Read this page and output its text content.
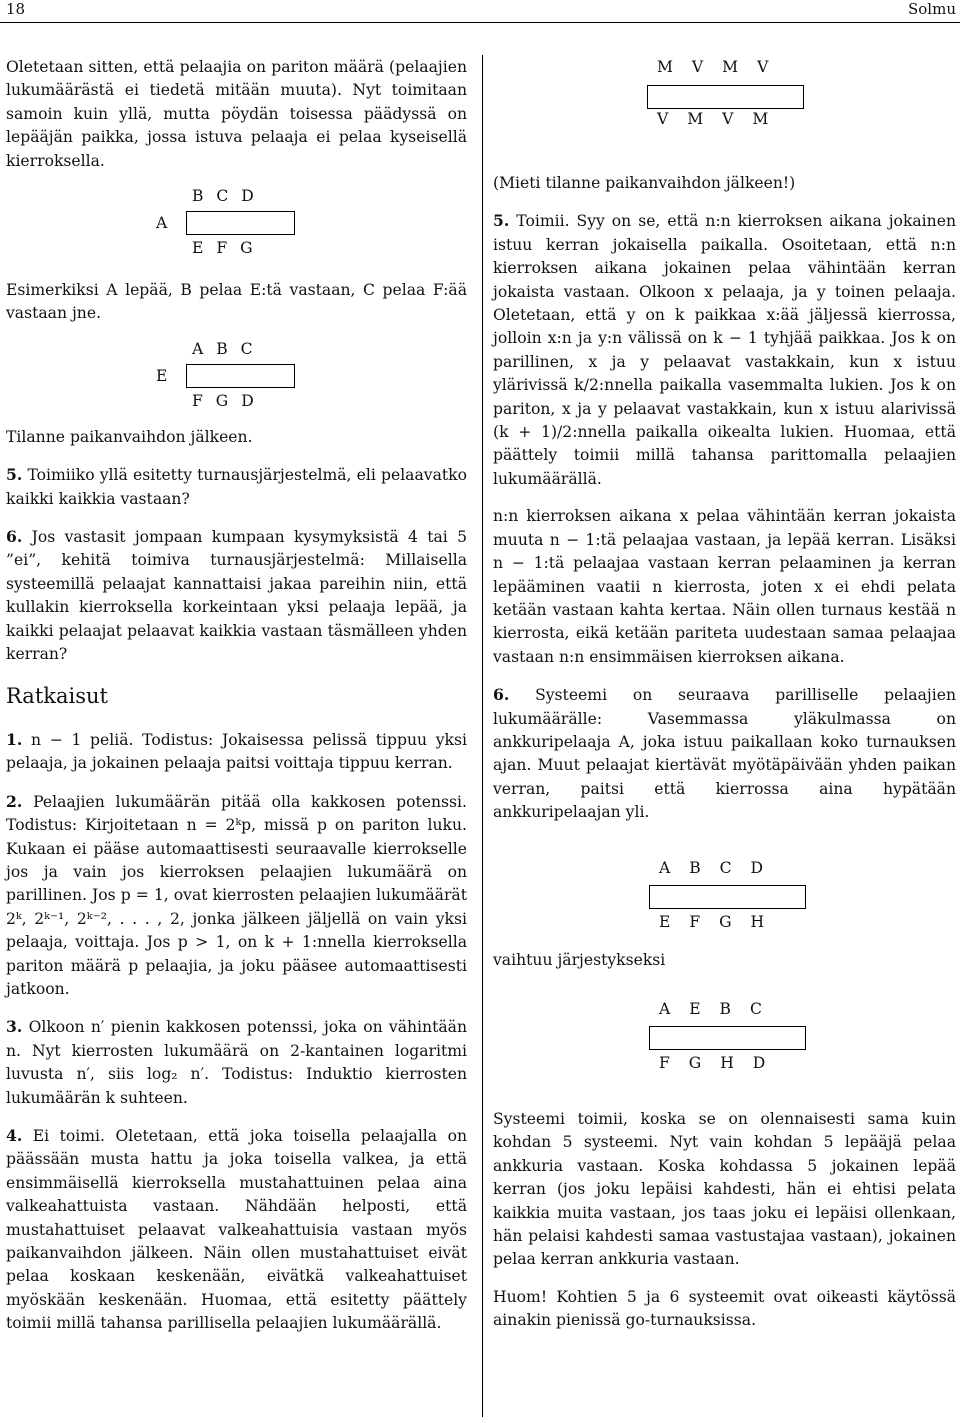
18	Solmu

Oletetaan sitten, että pelaajia on pariton määrä (pelaajien lukumäärästä ei tiedetä mitään muuta). Nyt toimitaan samoin kuin yllä, mutta pöydän toisessa päädyssä on lepääjän paikka, jossa istuva pelaaja ei pelaa kyseisellä kierroksella.

A
B C D
E F G

Esimerkiksi A lepää, B pelaa E:tä vastaan, C pelaa F:ää vastaan jne.

E
A B C
F G D

Tilanne paikanvaihdon jälkeen.

5. Toimiiko yllä esitetty turnausjärjestelmä, eli pelaavatko kaikki kaikkia vastaan?

6. Jos vastasit jompaan kumpaan kysymyksistä 4 tai 5 ”ei”, kehitä toimiva turnausjärjestelmä: Millaisella systeemillä pelaajat kannattaisi jakaa pareihin niin, että kullakin kierroksella korkeintaan yksi pelaaja lepää, ja kaikki pelaajat pelaavat kaikkia vastaan täsmälleen yhden kerran?

Ratkaisut

1. n − 1 peliä. Todistus: Jokaisessa pelissä tippuu yksi pelaaja, ja jokainen pelaaja paitsi voittaja tippuu kerran.

2. Pelaajien lukumäärän pitää olla kakkosen potenssi. Todistus: Kirjoitetaan n = 2ᵏp, missä p on pariton luku. Kukaan ei pääse automaattisesti seuraavalle kierrokselle jos ja vain jos kierroksen pelaajien lukumäärä on parillinen. Jos p = 1, ovat kierrosten pelaajien lukumäärät 2ᵏ, 2ᵏ⁻¹, 2ᵏ⁻², . . . , 2, jonka jälkeen jäljellä on vain yksi pelaaja, voittaja. Jos p > 1, on k + 1:nnella kierroksella pariton määrä p pelaajia, ja joku pääsee automaattisesti jatkoon.

3. Olkoon n′ pienin kakkosen potenssi, joka on vähintään n. Nyt kierrosten lukumäärä on 2-kantainen logaritmi luvusta n′, siis log₂ n′. Todistus: Induktio kierrosten lukumäärän k suhteen.

4. Ei toimi. Oletetaan, että joka toisella pelaajalla on päässään musta hattu ja joka toisella valkea, ja että ensimmäisellä kierroksella mustahattuinen pelaa aina valkeahattuista vastaan. Nähdään helposti, että mustahattuiset pelaavat valkeahattuisia vastaan myös paikanvaihdon jälkeen. Näin ollen mustahattuiset eivät pelaa koskaan keskenään, eivätkä valkeahattuiset myöskään keskenään. Huomaa, että esitetty päättely toimii millä tahansa parillisella pelaajien lukumäärällä.

M V M V
V M V M

(Mieti tilanne paikanvaihdon jälkeen!)

5. Toimii. Syy on se, että n:n kierroksen aikana jokainen istuu kerran jokaisella paikalla. Osoitetaan, että n:n kierroksen aikana jokainen pelaa vähintään kerran jokaista vastaan. Olkoon x pelaaja, ja y toinen pelaaja. Oletetaan, että y on k paikkaa x:ää jäljessä kierrossa, jolloin x:n ja y:n välissä on k − 1 tyhjää paikkaa. Jos k on parillinen, x ja y pelaavat vastakkain, kun x istuu ylärivissä k/2:nnella paikalla vasemmalta lukien. Jos k on pariton, x ja y pelaavat vastakkain, kun x istuu alarivissä (k + 1)/2:nnella paikalla oikealta lukien. Huomaa, että päättely toimii millä tahansa parittomalla pelaajien lukumäärällä.

n:n kierroksen aikana x pelaa vähintään kerran jokaista muuta n − 1:tä pelaajaa vastaan, ja lepää kerran. Lisäksi n − 1:tä pelaajaa vastaan kerran pelaaminen ja kerran lepääminen vaatii n kierrosta, joten x ei ehdi pelata ketään vastaan kahta kertaa. Näin ollen turnaus kestää n kierrosta, eikä ketään pariteta uudestaan samaa pelaajaa vastaan n:n ensimmäisen kierroksen aikana.

6. Systeemi on seuraava parilliselle pelaajien lukumäärälle: Vasemmassa yläkulmassa on ankkuripelaaja A, joka istuu paikallaan koko turnauksen ajan. Muut pelaajat kiertävät myötäpäivään yhden paikan verran, paitsi että kierrossa aina hypätään ankkuripelaajan yli.

A B C D
E F G H

vaihtuu järjestykseksi

A E B C
F G H D

Systeemi toimii, koska se on olennaisesti sama kuin kohdan 5 systeemi. Nyt vain kohdan 5 lepääjä pelaa ankkuria vastaan. Koska kohdassa 5 jokainen lepää kerran (jos joku lepäisi kahdesti, hän ei ehtisi pelata kaikkia muita vastaan, jos taas joku ei lepäisi ollenkaan, hän pelaisi kahdesti samaa vastustajaa vastaan), jokainen pelaa kerran ankkuria vastaan.

Huom! Kohtien 5 ja 6 systeemit ovat oikeasti käytössä ainakin pienissä go-turnauksissa.
